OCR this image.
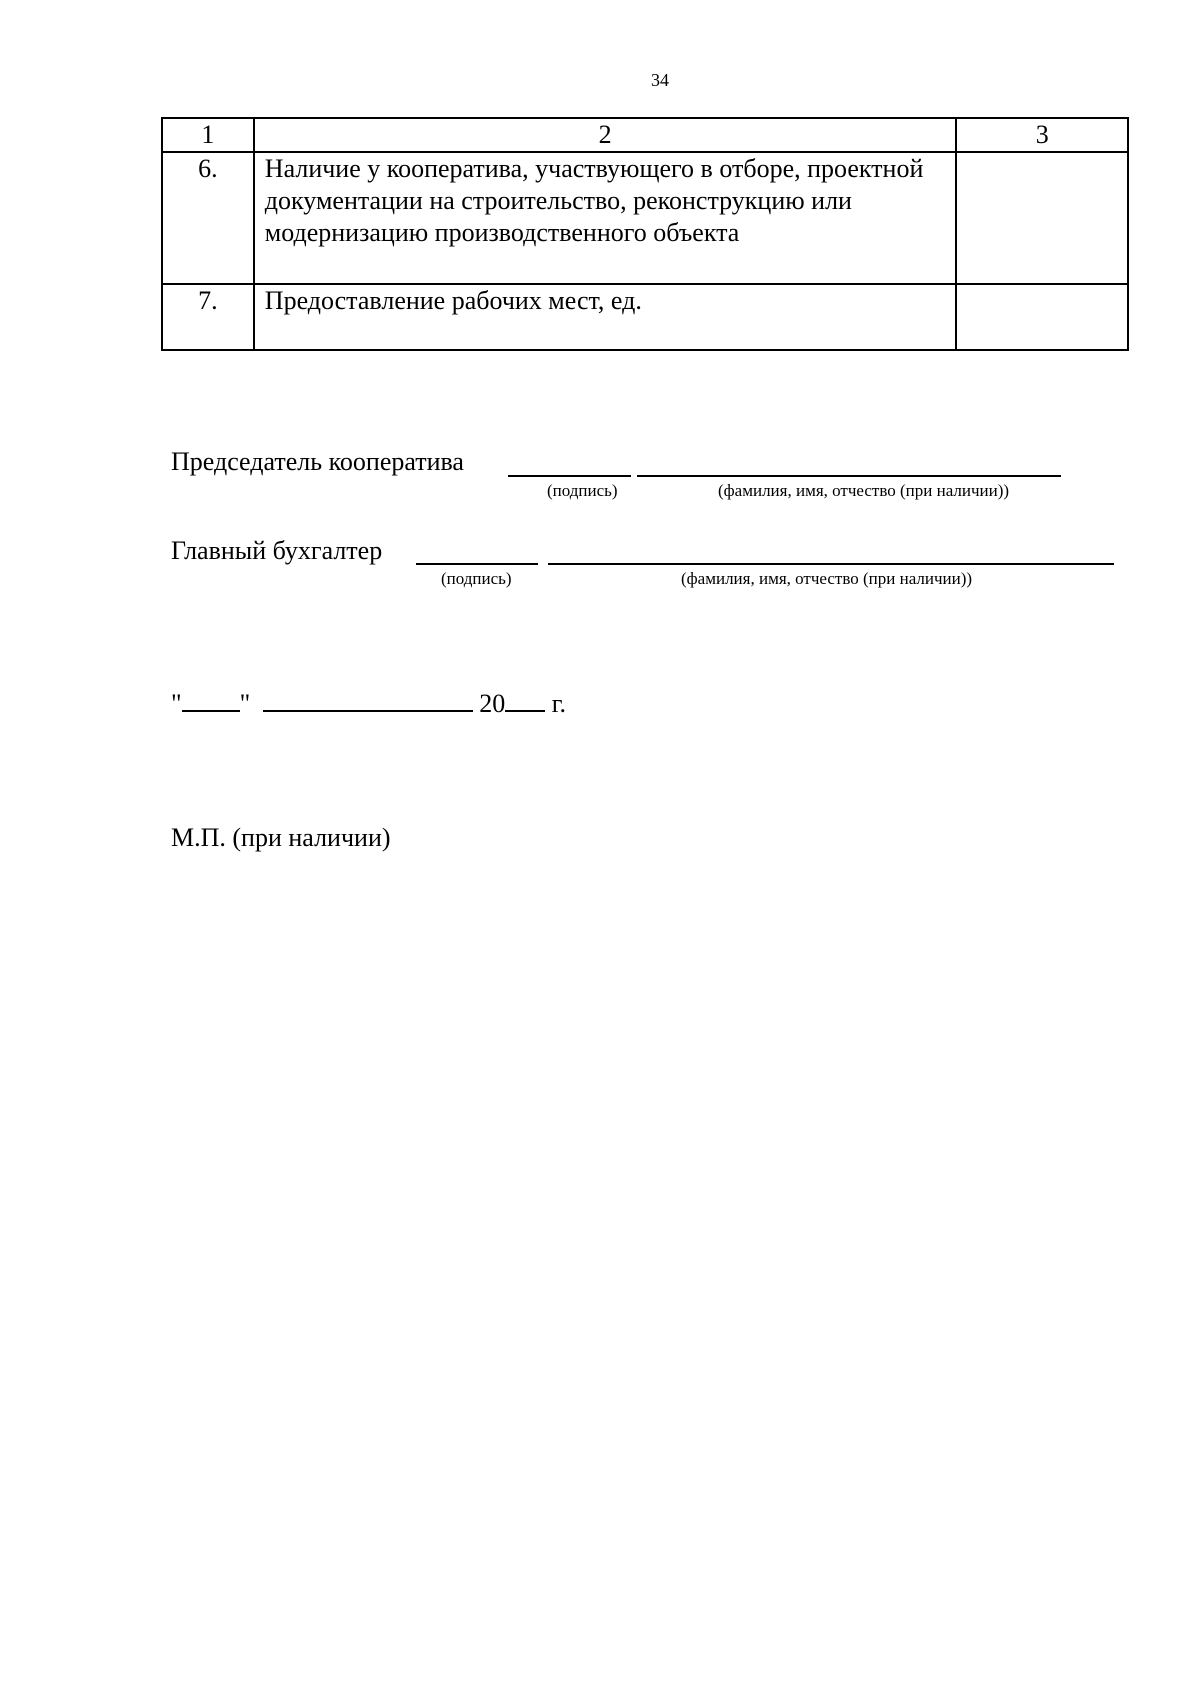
34
1	2	3
6.	Наличие у кооператива, участвующего в отборе, проектной документации на строительство, реконструкцию или модернизацию производственного объекта	
7.	Предоставление рабочих мест, ед.	
Председатель кооператива
(подпись)	(фамилия, имя, отчество (при наличии))
Главный бухгалтер
(подпись)	(фамилия, имя, отчество (при наличии))
" "	20 г.
М.П. (при наличии)
